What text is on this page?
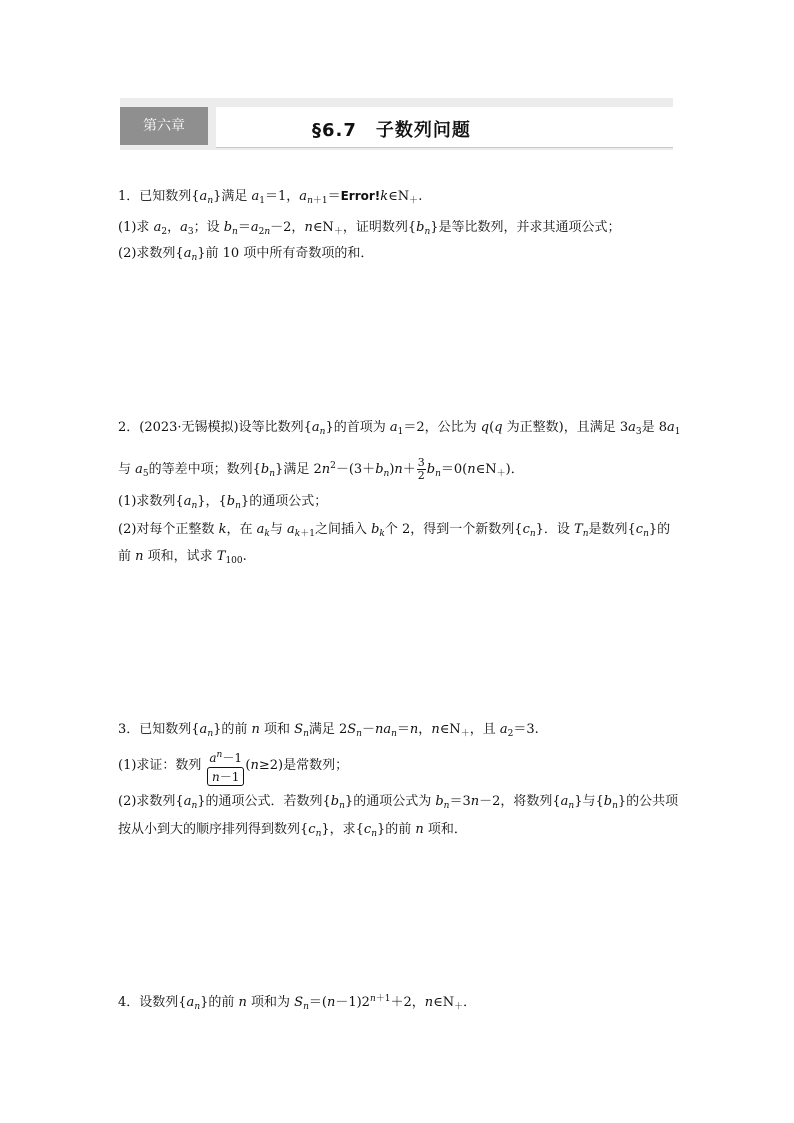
第六章	§6.7　子数列问题
1．已知数列$\{a_n\}$满足 $a_1=1$，$a_{n+1}=Error!k\in N_+$.
(1)求 $a_2$，$a_3$；设 $b_n=a_{2n}-2$，$n\in N_+$，证明数列$\{b_n\}$是等比数列，并求其通项公式；
(2)求数列$\{a_n\}$前 10 项中所有奇数项的和．
2．(2023·无锡模拟)设等比数列$\{a_n\}$的首项为 $a_1=2$，公比为 q(q 为正整数)，且满足 $3a_3$是 $8a_1$
与 $a_5$的等差中项；数列$\{b_n\}$满足 $2n^2-(3+b_n)n+ \frac{3}{2}$ $b_n=0(n\in N_+)$．
(1)求数列$\{a_n\}$，$\{b_n\}$的通项公式；
(2)对每个正整数 k，在 $a_k$与 $a_{k+1}$之间插入 $b_k$个 2，得到一个新数列$\{c_n\}$．设 $T_n$是数列$\{c_n\}$的
前 n 项和，试求 $T_{100}$.
3．已知数列$\{a_n\}$的前 n 项和 $S_n$满足 $2S_n-na_n=n$，$n\in N_+$，且 $a_2=3$.
(1)求证：数列	(n≥2)是常数列；
$a^n-1$
n－1
(2)求数列$\{a_n\}$的通项公式．若数列$\{b_n\}$的通项公式为 $b_n=3n-2$，将数列$\{a_n\}$与$\{b_n\}$的公共项
按从小到大的顺序排列得到数列$\{c_n\}$，求$\{c_n\}$的前 n 项和．
4．设数列$\{a_n\}$的前 n 项和为 $S_n=(n-1)2^{n+1}+2$，$n\in N_+$．
